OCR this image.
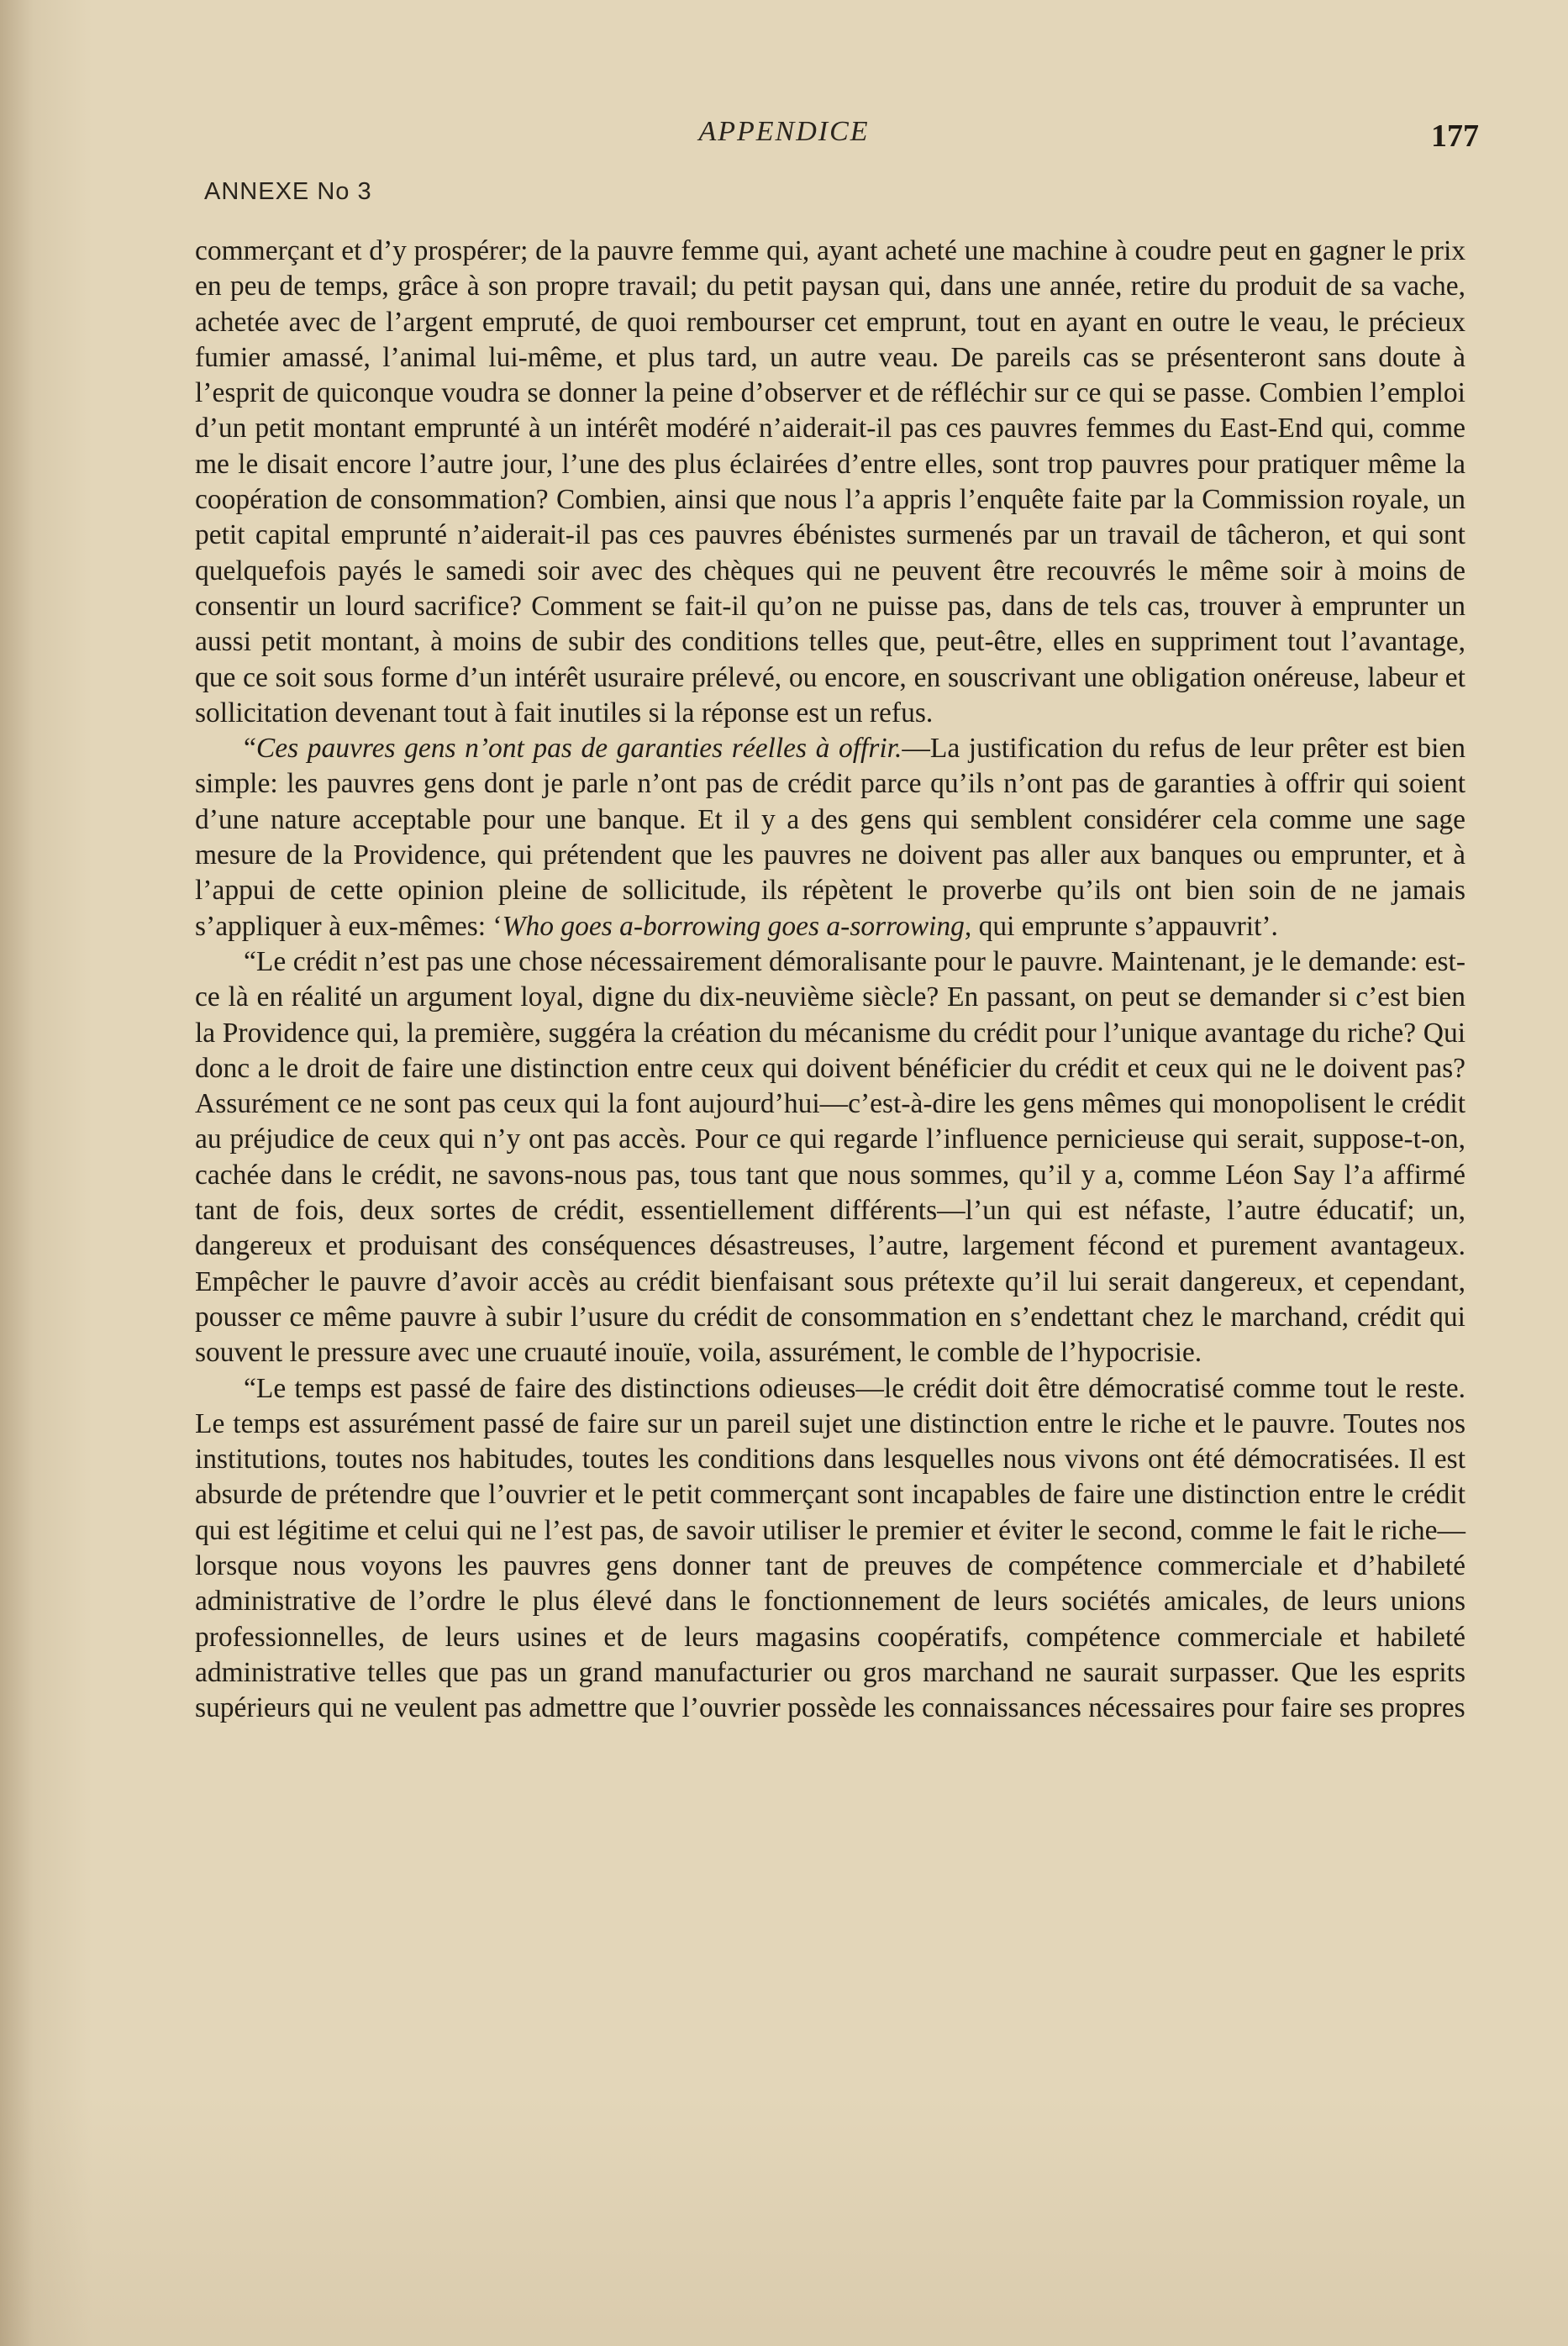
APPENDICE	177
ANNEXE No 3

commerçant et d’y prospérer; de la pauvre femme qui, ayant acheté une machine à coudre peut en gagner le prix en peu de temps, grâce à son propre travail; du petit paysan qui, dans une année, retire du produit de sa vache, achetée avec de l’argent empruté, de quoi rembourser cet emprunt, tout en ayant en outre le veau, le précieux fumier amassé, l’animal lui-même, et plus tard, un autre veau. De pareils cas se présenteront sans doute à l’esprit de quiconque voudra se donner la peine d’observer et de réfléchir sur ce qui se passe. Combien l’emploi d’un petit montant emprunté à un intérêt modéré n’aiderait-il pas ces pauvres femmes du East-End qui, comme me le disait encore l’autre jour, l’une des plus éclairées d’entre elles, sont trop pauvres pour pratiquer même la coopération de consommation? Combien, ainsi que nous l’a appris l’enquête faite par la Commission royale, un petit capital emprunté n’aiderait-il pas ces pauvres ébénistes surmenés par un travail de tâcheron, et qui sont quelquefois payés le samedi soir avec des chèques qui ne peuvent être recouvrés le même soir à moins de consentir un lourd sacrifice? Comment se fait-il qu’on ne puisse pas, dans de tels cas, trouver à emprunter un aussi petit montant, à moins de subir des conditions telles que, peut-être, elles en suppriment tout l’avantage, que ce soit sous forme d’un intérêt usuraire prélevé, ou encore, en souscrivant une obligation onéreuse, labeur et sollicitation devenant tout à fait inutiles si la réponse est un refus.

“Ces pauvres gens n’ont pas de garanties réelles à offrir.—La justification du refus de leur prêter est bien simple: les pauvres gens dont je parle n’ont pas de crédit parce qu’ils n’ont pas de garanties à offrir qui soient d’une nature acceptable pour une banque. Et il y a des gens qui semblent considérer cela comme une sage mesure de la Providence, qui prétendent que les pauvres ne doivent pas aller aux banques ou emprunter, et à l’appui de cette opinion pleine de sollicitude, ils répètent le proverbe qu’ils ont bien soin de ne jamais s’appliquer à eux-mêmes: ‘Who goes a-borrowing goes a-sorrowing, qui emprunte s’appauvrit’.

“Le crédit n’est pas une chose nécessairement démoralisante pour le pauvre. Maintenant, je le demande: est-ce là en réalité un argument loyal, digne du dix-neuvième siècle? En passant, on peut se demander si c’est bien la Providence qui, la première, suggéra la création du mécanisme du crédit pour l’unique avantage du riche? Qui donc a le droit de faire une distinction entre ceux qui doivent bénéficier du crédit et ceux qui ne le doivent pas? Assurément ce ne sont pas ceux qui la font aujourd’hui—c’est-à-dire les gens mêmes qui monopolisent le crédit au préjudice de ceux qui n’y ont pas accès. Pour ce qui regarde l’influence pernicieuse qui serait, suppose-t-on, cachée dans le crédit, ne savons-nous pas, tous tant que nous sommes, qu’il y a, comme Léon Say l’a affirmé tant de fois, deux sortes de crédit, essentiellement différents—l’un qui est néfaste, l’autre éducatif; un, dangereux et produisant des conséquences désastreuses, l’autre, largement fécond et purement avantageux. Empêcher le pauvre d’avoir accès au crédit bienfaisant sous prétexte qu’il lui serait dangereux, et cependant, pousser ce même pauvre à subir l’usure du crédit de consommation en s’endettant chez le marchand, crédit qui souvent le pressure avec une cruauté inouïe, voila, assurément, le comble de l’hypocrisie.

“Le temps est passé de faire des distinctions odieuses—le crédit doit être démocratisé comme tout le reste. Le temps est assurément passé de faire sur un pareil sujet une distinction entre le riche et le pauvre. Toutes nos institutions, toutes nos habitudes, toutes les conditions dans lesquelles nous vivons ont été démocratisées. Il est absurde de prétendre que l’ouvrier et le petit commerçant sont incapables de faire une distinction entre le crédit qui est légitime et celui qui ne l’est pas, de savoir utiliser le premier et éviter le second, comme le fait le riche—lorsque nous voyons les pauvres gens donner tant de preuves de compétence commerciale et d’habileté administrative de l’ordre le plus élevé dans le fonctionnement de leurs sociétés amicales, de leurs unions professionnelles, de leurs usines et de leurs magasins coopératifs, compétence commerciale et habileté administrative telles que pas un grand manufacturier ou gros marchand ne saurait surpasser. Que les esprits supérieurs qui ne veulent pas admettre que l’ouvrier possède les connaissances nécessaires pour faire ses propres
